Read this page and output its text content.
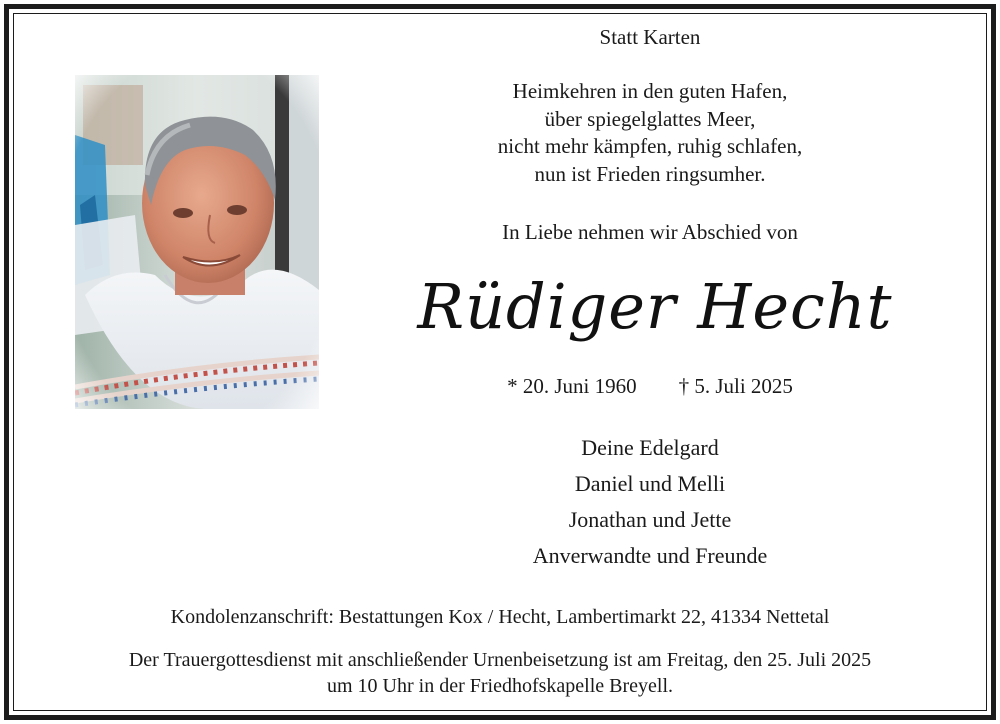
Statt Karten
Heimkehren in den guten Hafen,
über spiegelglattes Meer,
nicht mehr kämpfen, ruhig schlafen,
nun ist Frieden ringsumher.
In Liebe nehmen wir Abschied von
Rüdiger Hecht
* 20. Juni 1960 † 5. Juli 2025
Deine Edelgard
Daniel und Melli
Jonathan und Jette
Anverwandte und Freunde
Kondolenzanschrift: Bestattungen Kox / Hecht, Lambertimarkt 22, 41334 Nettetal
Der Trauergottesdienst mit anschließender Urnenbeisetzung ist am Freitag, den 25. Juli 2025
um 10 Uhr in der Friedhofskapelle Breyell.
